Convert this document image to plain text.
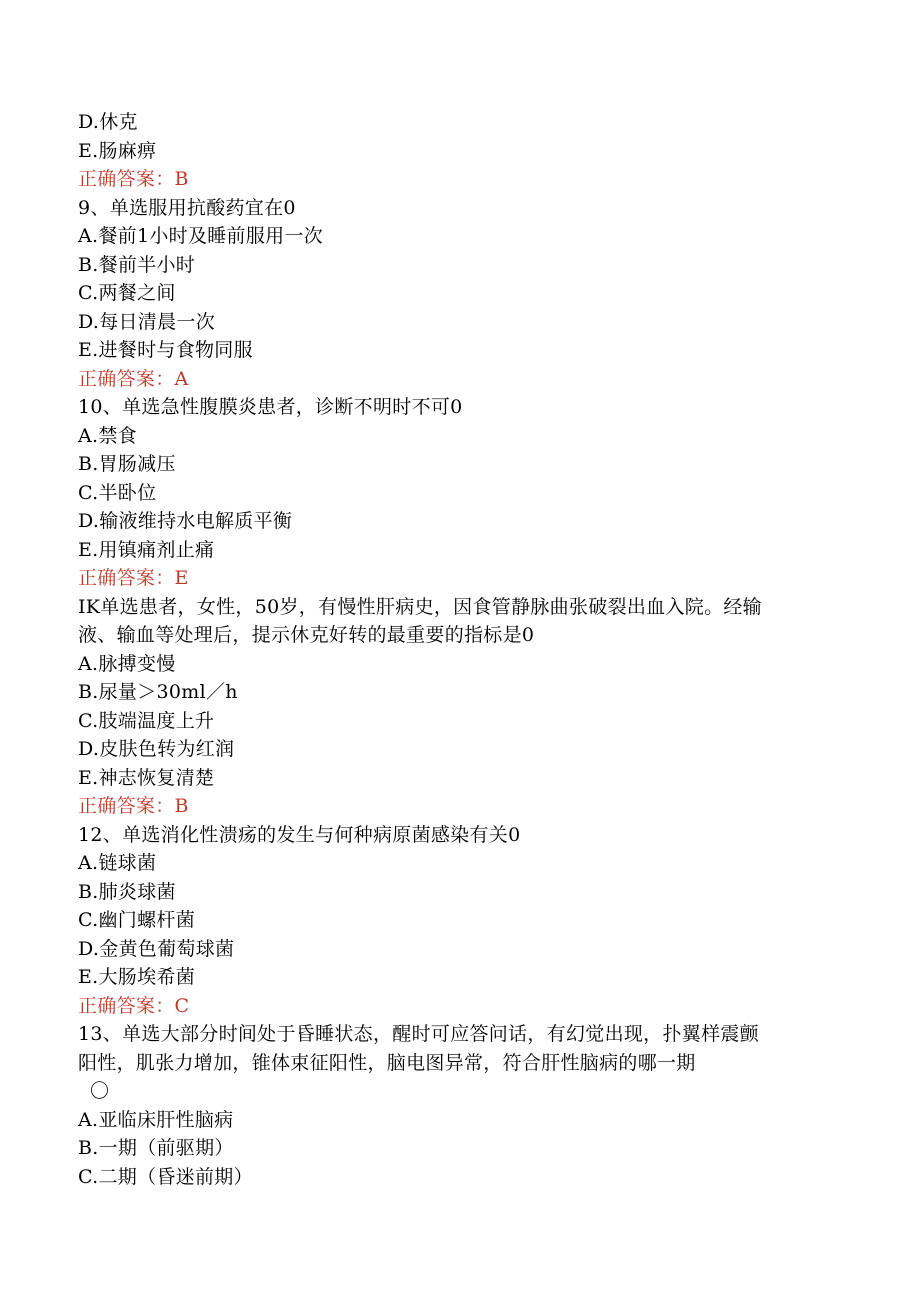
D.休克
E.肠麻痹
正确答案：B
9、单选服用抗酸药宜在0
A.餐前1小时及睡前服用一次
B.餐前半小时
C.两餐之间
D.每日清晨一次
E.进餐时与食物同服
正确答案：A
10、单选急性腹膜炎患者，诊断不明时不可0
A.禁食
B.胃肠减压
C.半卧位
D.输液维持水电解质平衡
E.用镇痛剂止痛
正确答案：E
IK单选患者，女性，50岁，有慢性肝病史，因食管静脉曲张破裂出血入院。经输
液、输血等处理后，提示休克好转的最重要的指标是0
A.脉搏变慢
B.尿量＞30ml／h
C.肢端温度上升
D.皮肤色转为红润
E.神志恢复清楚
正确答案：B
12、单选消化性溃疡的发生与何种病原菌感染有关0
A.链球菌
B.肺炎球菌
C.幽门螺杆菌
D.金黄色葡萄球菌
E.大肠埃希菌
正确答案：C
13、单选大部分时间处于昏睡状态，醒时可应答问话，有幻觉出现，扑翼样震颤
阳性，肌张力增加，锥体束征阳性，脑电图异常，符合肝性脑病的哪一期
〇
A.亚临床肝性脑病
B.一期（前驱期）
C.二期（昏迷前期）
